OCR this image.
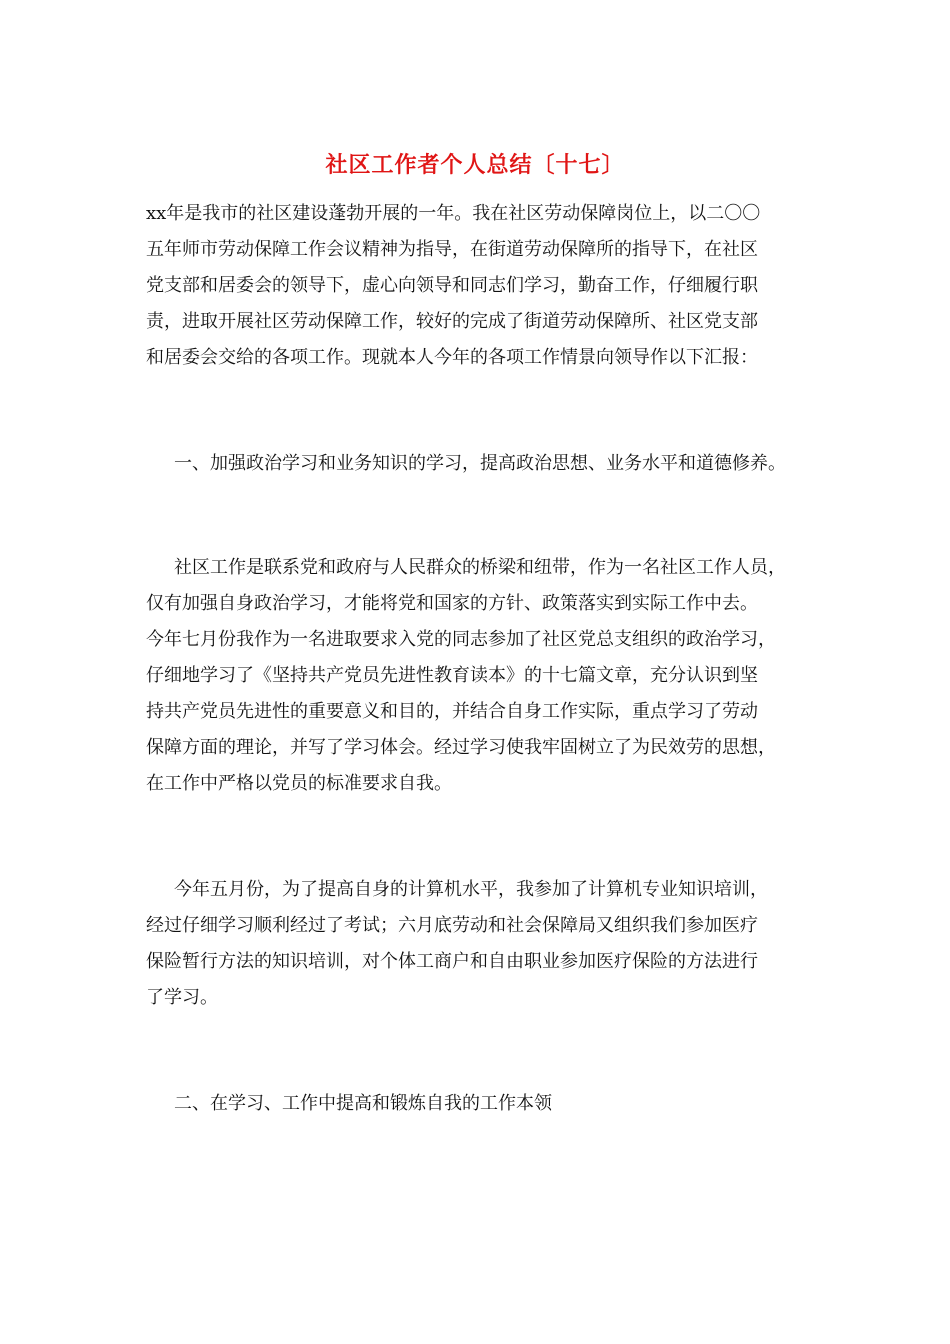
社区工作者个人总结〔十七〕
xx年是我市的社区建设蓬勃开展的一年。我在社区劳动保障岗位上，以二〇〇
五年师市劳动保障工作会议精神为指导，在街道劳动保障所的指导下，在社区
党支部和居委会的领导下，虚心向领导和同志们学习，勤奋工作，仔细履行职
责，进取开展社区劳动保障工作，较好的完成了街道劳动保障所、社区党支部
和居委会交给的各项工作。现就本人今年的各项工作情景向领导作以下汇报：
一、加强政治学习和业务知识的学习，提高政治思想、业务水平和道德修养。
社区工作是联系党和政府与人民群众的桥梁和纽带，作为一名社区工作人员，
仅有加强自身政治学习，才能将党和国家的方针、政策落实到实际工作中去。
今年七月份我作为一名进取要求入党的同志参加了社区党总支组织的政治学习，
仔细地学习了《坚持共产党员先进性教育读本》的十七篇文章，充分认识到坚
持共产党员先进性的重要意义和目的，并结合自身工作实际，重点学习了劳动
保障方面的理论，并写了学习体会。经过学习使我牢固树立了为民效劳的思想，
在工作中严格以党员的标准要求自我。
今年五月份，为了提高自身的计算机水平，我参加了计算机专业知识培训，
经过仔细学习顺利经过了考试；六月底劳动和社会保障局又组织我们参加医疗
保险暂行方法的知识培训，对个体工商户和自由职业参加医疗保险的方法进行
了学习。
二、在学习、工作中提高和锻炼自我的工作本领
